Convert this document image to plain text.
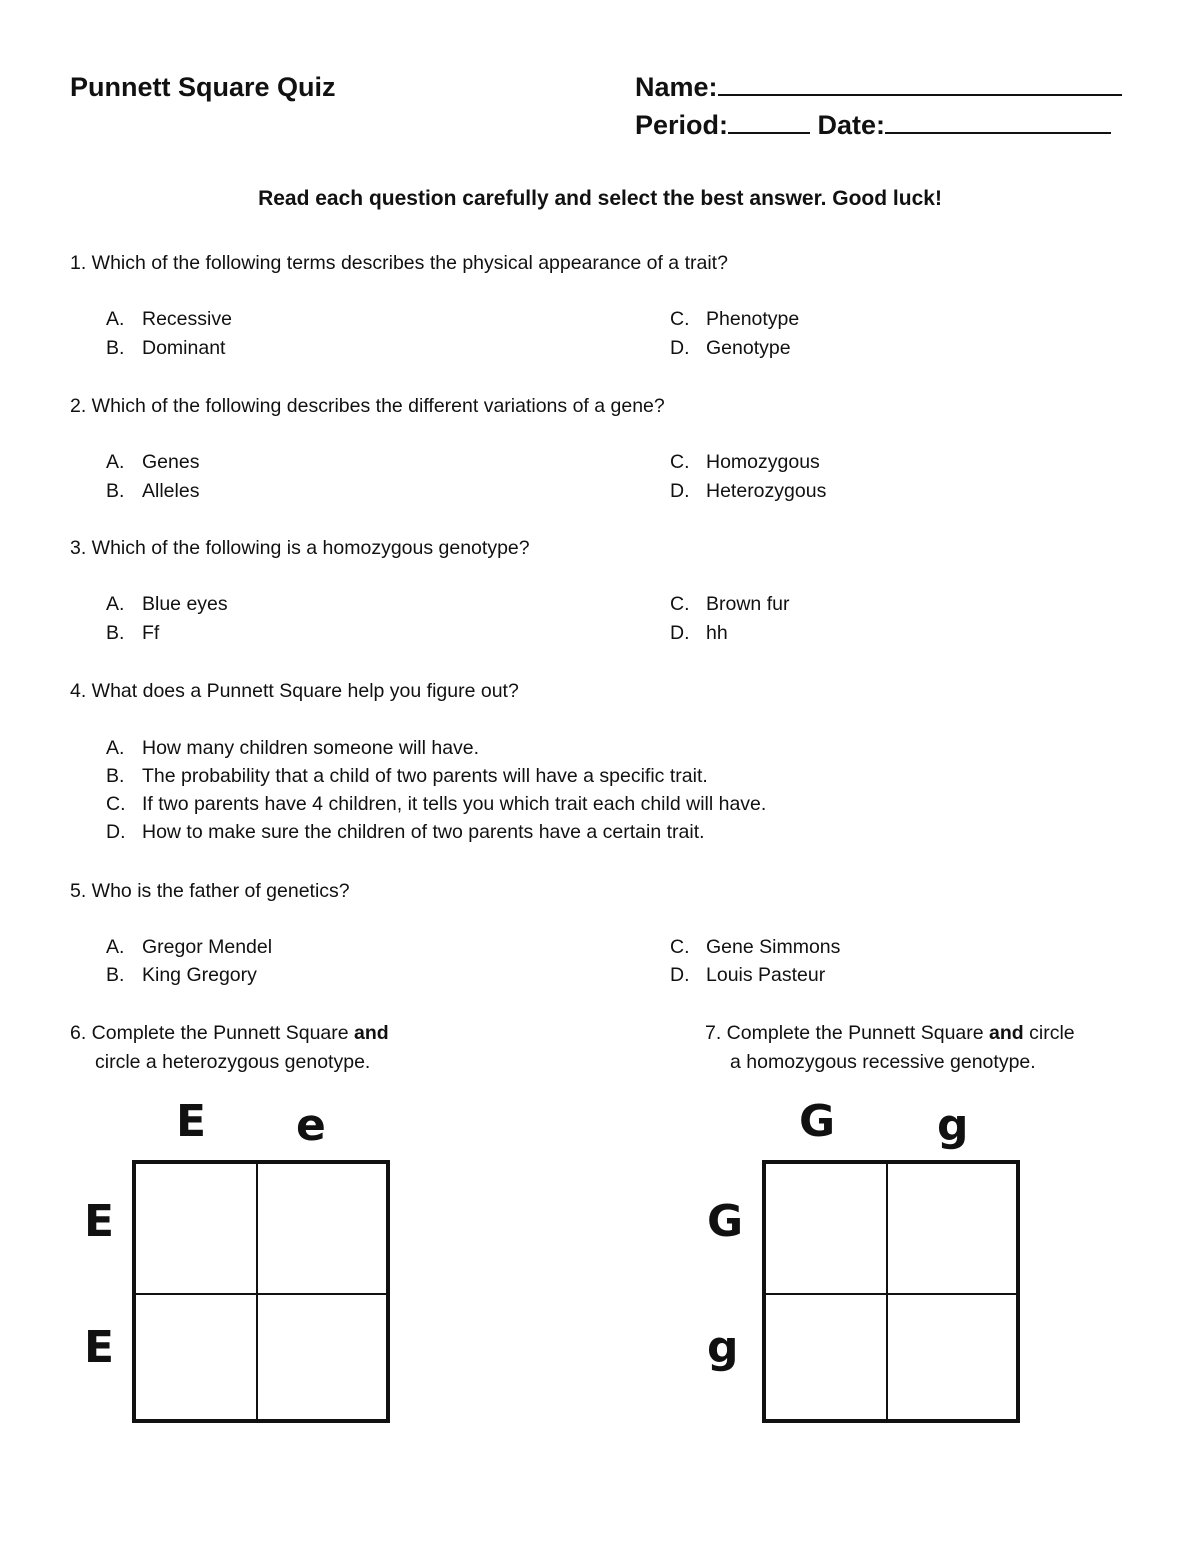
Punnett Square Quiz	Name:
Period:	Date:
Read each question carefully and select the best answer. Good luck!
1. Which of the following terms describes the physical appearance of a trait?
A. Recessive
B. Dominant
C. Phenotype
D. Genotype
2. Which of the following describes the different variations of a gene?
A. Genes
B. Alleles
C. Homozygous
D. Heterozygous
3. Which of the following is a homozygous genotype?
A. Blue eyes
B. Ff
C. Brown fur
D. hh
4. What does a Punnett Square help you figure out?
A. How many children someone will have.
B. The probability that a child of two parents will have a specific trait.
C. If two parents have 4 children, it tells you which trait each child will have.
D. How to make sure the children of two parents have a certain trait.
5. Who is the father of genetics?
A. Gregor Mendel
B. King Gregory
C. Gene Simmons
D. Louis Pasteur
6. Complete the Punnett Square and
circle a heterozygous genotype.
7. Complete the Punnett Square and circle
a homozygous recessive genotype.
E e
E
E
G g
G
g
